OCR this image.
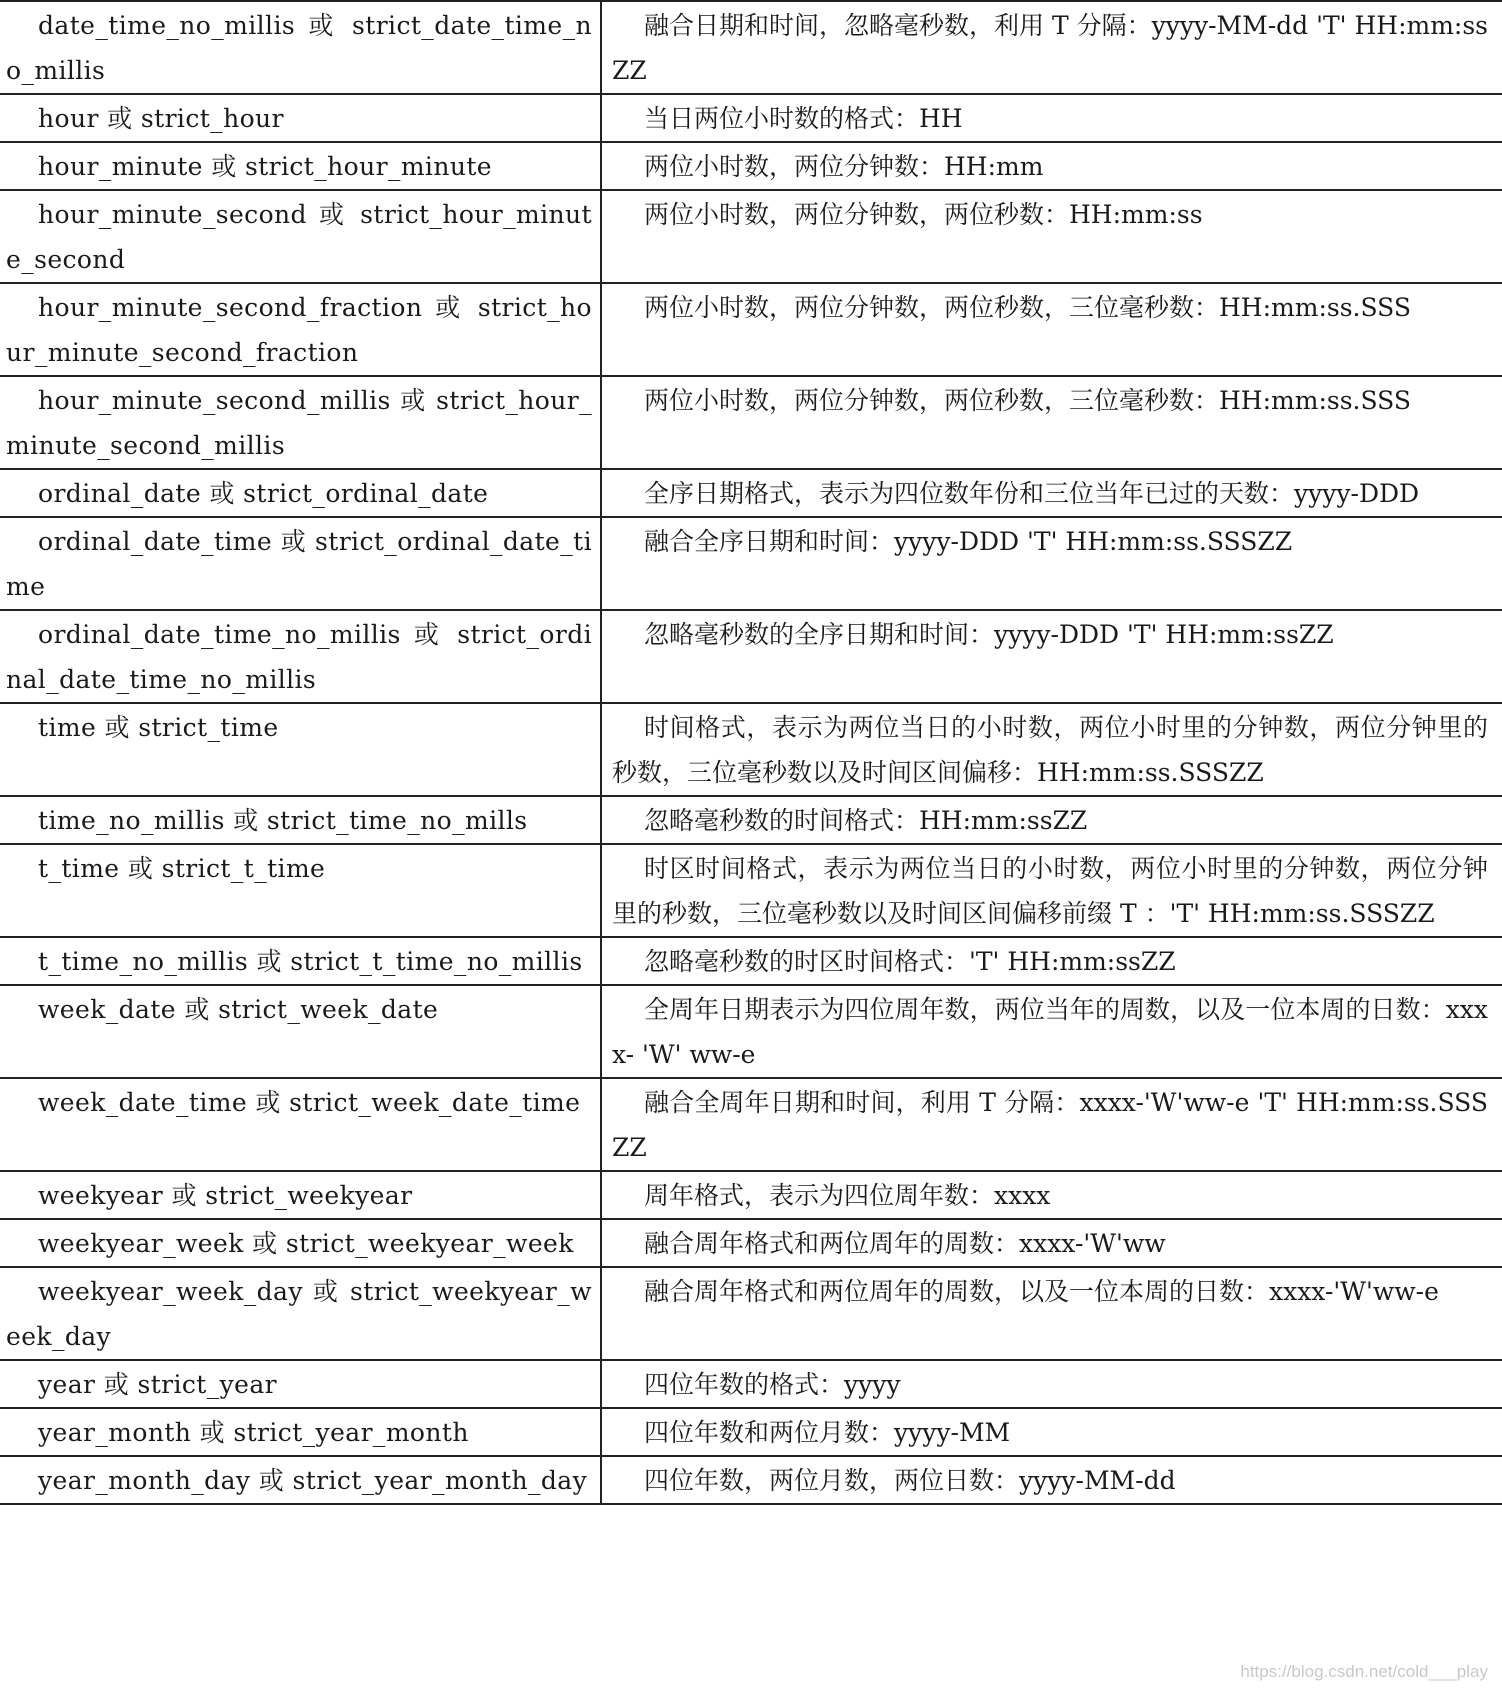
date_time_no_millis 或 strict_date_time_no_millis	融合日期和时间，忽略毫秒数，利用 T 分隔：yyyy-MM-dd 'T' HH:mm:ssZZ
hour 或 strict_hour	当日两位小时数的格式：HH
hour_minute 或 strict_hour_minute	两位小时数，两位分钟数：HH:mm
hour_minute_second 或 strict_hour_minute_second	两位小时数，两位分钟数，两位秒数：HH:mm:ss
hour_minute_second_fraction 或 strict_hour_minute_second_fraction	两位小时数，两位分钟数，两位秒数，三位毫秒数：HH:mm:ss.SSS
hour_minute_second_millis 或 strict_hour_minute_second_millis	两位小时数，两位分钟数，两位秒数，三位毫秒数：HH:mm:ss.SSS
ordinal_date 或 strict_ordinal_date	全序日期格式，表示为四位数年份和三位当年已过的天数：yyyy-DDD
ordinal_date_time 或 strict_ordinal_date_time	融合全序日期和时间：yyyy-DDD 'T' HH:mm:ss.SSSZZ
ordinal_date_time_no_millis 或 strict_ordinal_date_time_no_millis	忽略毫秒数的全序日期和时间：yyyy-DDD 'T' HH:mm:ssZZ
time 或 strict_time	时间格式，表示为两位当日的小时数，两位小时里的分钟数，两位分钟里的秒数，三位毫秒数以及时间区间偏移：HH:mm:ss.SSSZZ
time_no_millis 或 strict_time_no_mills	忽略毫秒数的时间格式：HH:mm:ssZZ
t_time 或 strict_t_time	时区时间格式，表示为两位当日的小时数，两位小时里的分钟数，两位分钟里的秒数，三位毫秒数以及时间区间偏移前缀 T ：'T' HH:mm:ss.SSSZZ
t_time_no_millis 或 strict_t_time_no_millis	忽略毫秒数的时区时间格式：'T' HH:mm:ssZZ
week_date 或 strict_week_date	全周年日期表示为四位周年数，两位当年的周数，以及一位本周的日数：xxxx- 'W' ww-e
week_date_time 或 strict_week_date_time	融合全周年日期和时间，利用 T 分隔：xxxx-'W'ww-e 'T' HH:mm:ss.SSSZZ
weekyear 或 strict_weekyear	周年格式，表示为四位周年数：xxxx
weekyear_week 或 strict_weekyear_week	融合周年格式和两位周年的周数：xxxx-'W'ww
weekyear_week_day 或 strict_weekyear_week_day	融合周年格式和两位周年的周数，以及一位本周的日数：xxxx-'W'ww-e
year 或 strict_year	四位年数的格式：yyyy
year_month 或 strict_year_month	四位年数和两位月数：yyyy-MM
year_month_day 或 strict_year_month_day	四位年数，两位月数，两位日数：yyyy-MM-dd
https://blog.csdn.net/cold___play
